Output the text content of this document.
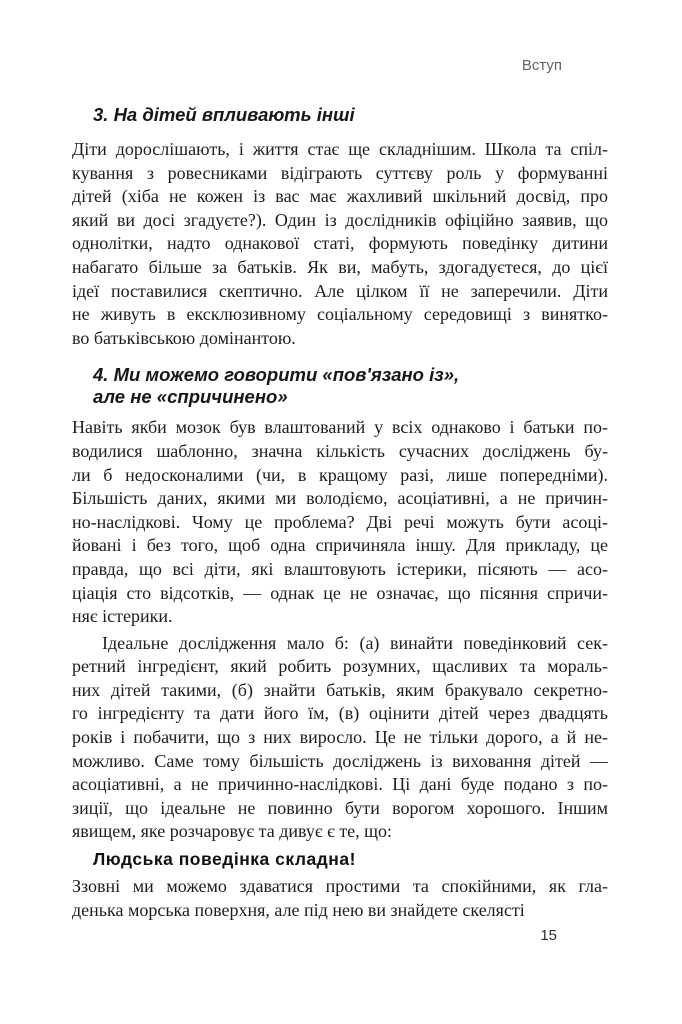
Вступ
3. На дітей впливають інші
Діти дорослішають, і життя стає ще складнішим. Школа та спіл-
кування з ровесниками відіграють суттєву роль у формуванні
дітей (хіба не кожен із вас має жахливий шкільний досвід, про
який ви досі згадуєте?). Один із дослідників офіційно заявив, що
однолітки, надто однакової статі, формують поведінку дитини
набагато більше за батьків. Як ви, мабуть, здогадуєтеся, до цієї
ідеї поставилися скептично. Але цілком її не заперечили. Діти
не живуть в ексклюзивному соціальному середовищі з винятко-
во батьківською домінантою.
4. Ми можемо говорити «пов'язано із»,
але не «спричинено»
Навіть якби мозок був влаштований у всіх однаково і батьки по-
водилися шаблонно, значна кількість сучасних досліджень бу-
ли б недосконалими (чи, в кращому разі, лише попередніми).
Більшість даних, якими ми володіємо, асоціативні, а не причин-
но-наслідкові. Чому це проблема? Дві речі можуть бути асоці-
йовані і без того, щоб одна спричиняла іншу. Для прикладу, це
правда, що всі діти, які влаштовують істерики, пісяють — асо-
ціація сто відсотків, — однак це не означає, що пісяння спричи-
няє істерики.
Ідеальне дослідження мало б: (а) винайти поведінковий сек-
ретний інгредієнт, який робить розумних, щасливих та мораль-
них дітей такими, (б) знайти батьків, яким бракувало секретно-
го інгредієнту та дати його їм, (в) оцінити дітей через двадцять
років і побачити, що з них виросло. Це не тільки дорого, а й не-
можливо. Саме тому більшість досліджень із виховання дітей —
асоціативні, а не причинно-наслідкові. Ці дані буде подано з по-
зиції, що ідеальне не повинно бути ворогом хорошого. Іншим
явищем, яке розчаровує та дивує є те, що:
Людська поведінка складна!
Ззовні ми можемо здаватися простими та спокійними, як гла-
денька морська поверхня, але під нею ви знайдете скелясті
15
